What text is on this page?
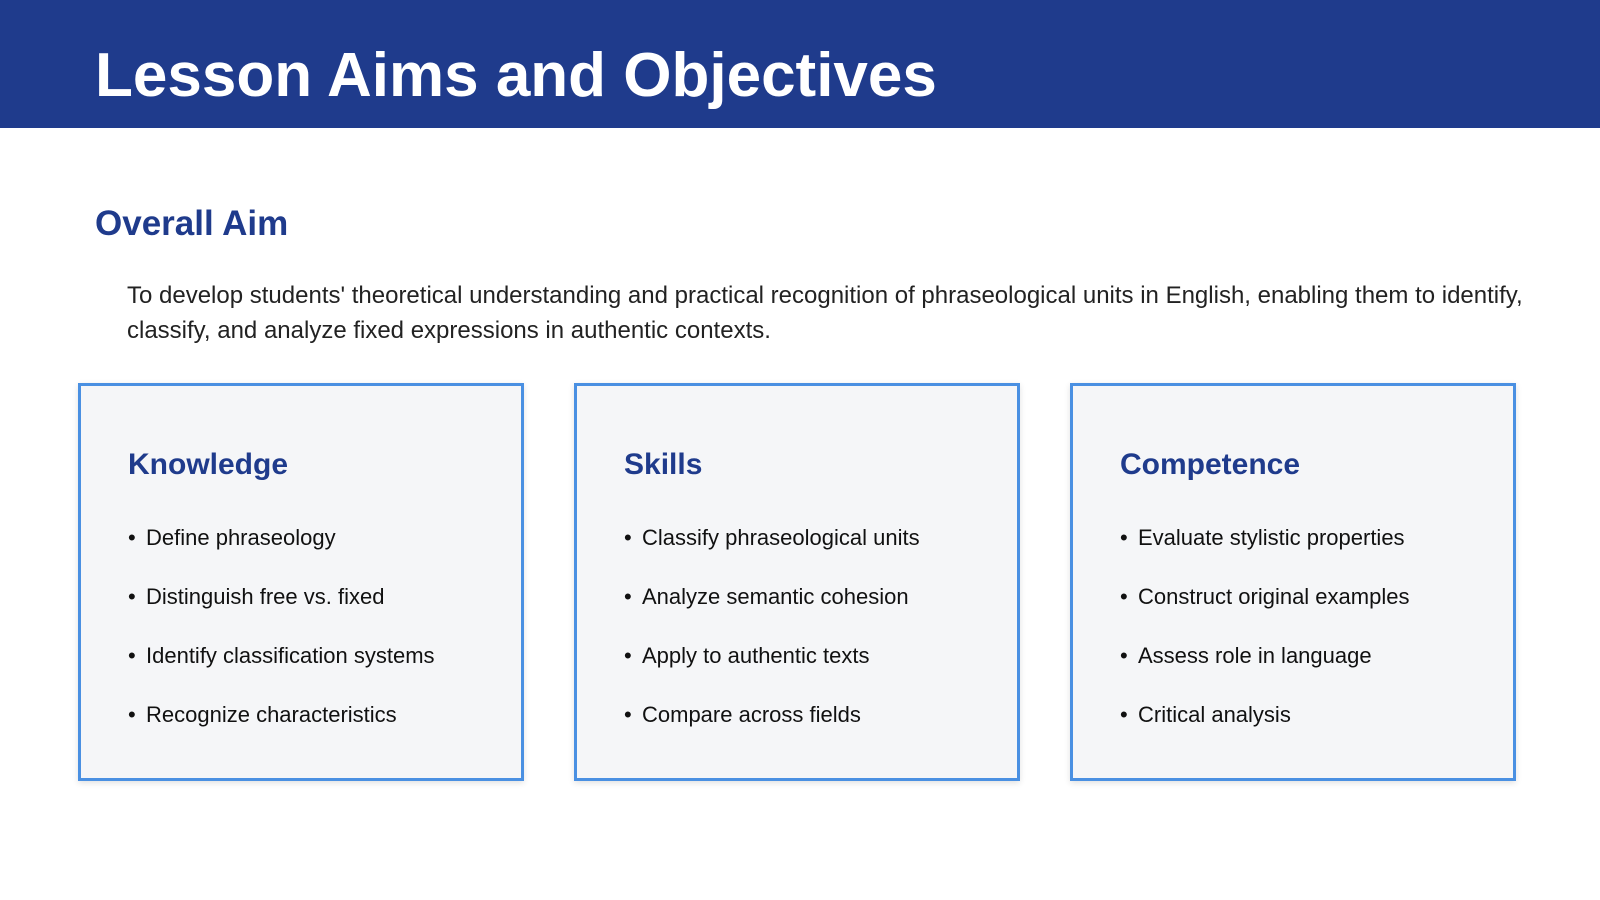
Lesson Aims and Objectives
Overall Aim

To develop students' theoretical understanding and practical recognition of phraseological units in English, enabling them to identify, classify, and analyze fixed expressions in authentic contexts.

Knowledge
• Define phraseology
• Distinguish free vs. fixed
• Identify classification systems
• Recognize characteristics
Skills
• Classify phraseological units
• Analyze semantic cohesion
• Apply to authentic texts
• Compare across fields
Competence
• Evaluate stylistic properties
• Construct original examples
• Assess role in language
• Critical analysis
